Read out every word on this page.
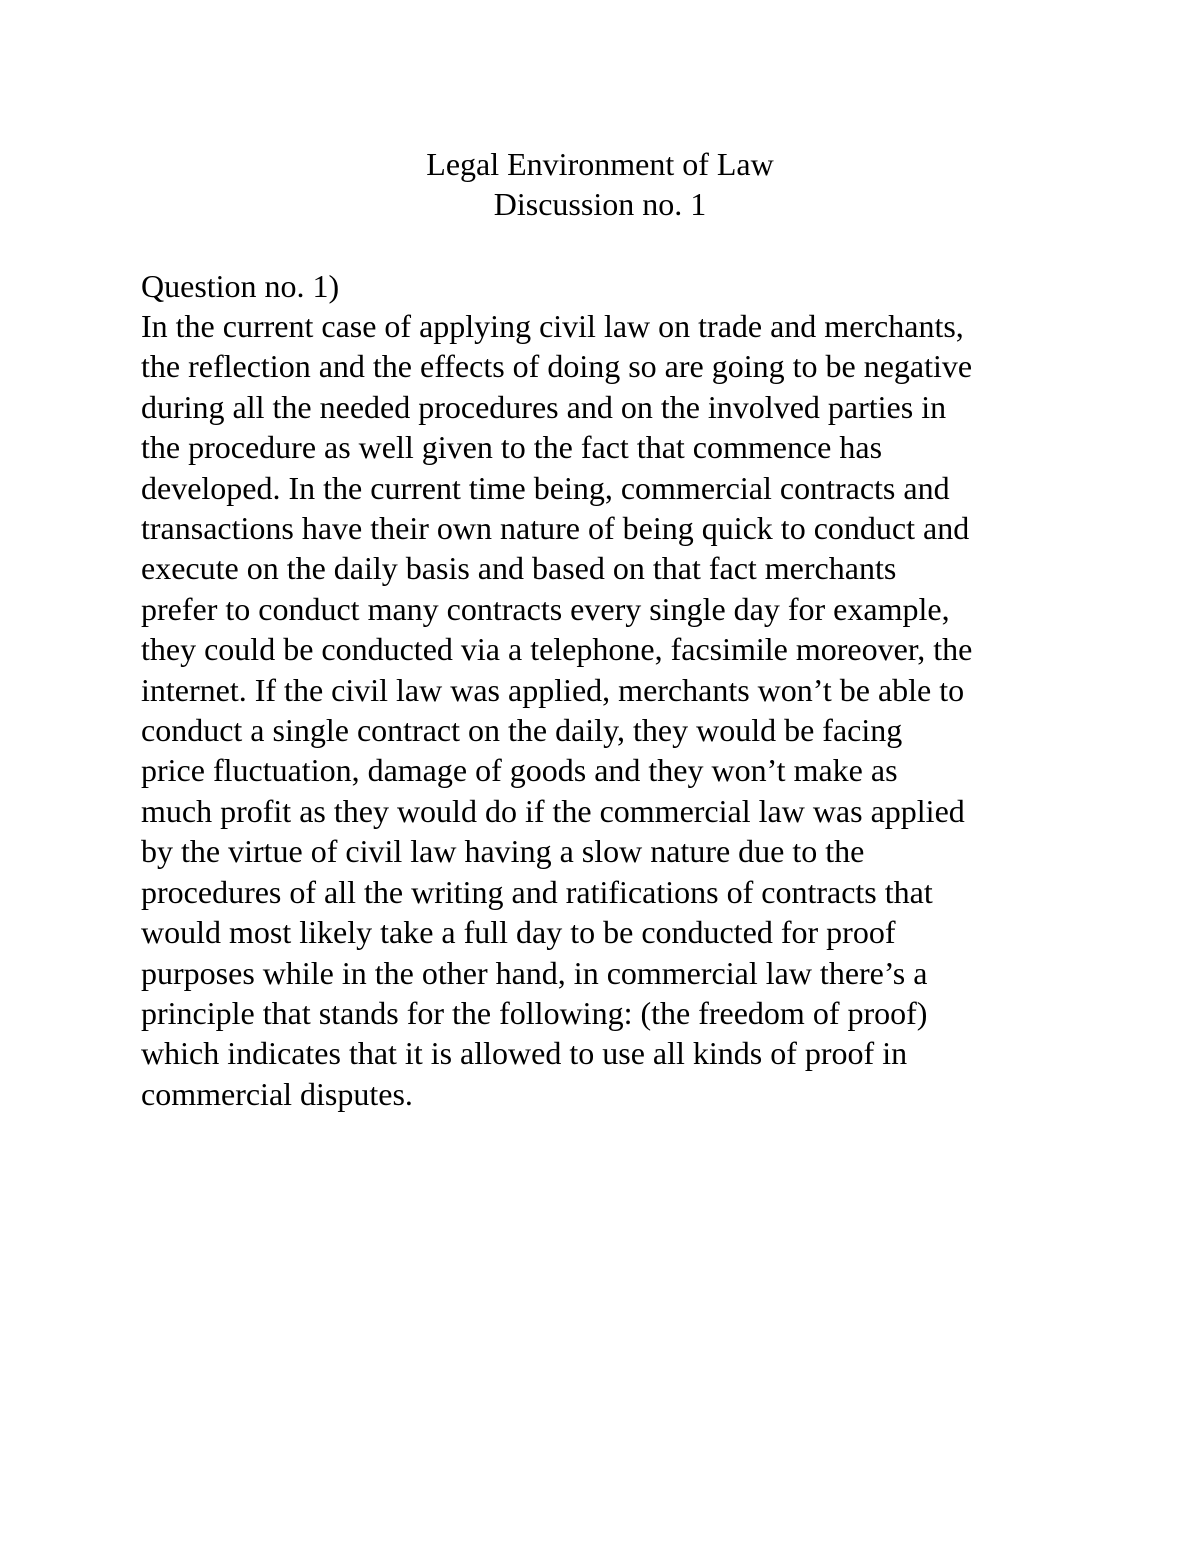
Legal Environment of Law
Discussion no. 1
Question no. 1)
In the current case of applying civil law on trade and merchants,
the reflection and the effects of doing so are going to be negative
during all the needed procedures and on the involved parties in
the procedure as well given to the fact that commence has
developed. In the current time being, commercial contracts and
transactions have their own nature of being quick to conduct and
execute on the daily basis and based on that fact merchants
prefer to conduct many contracts every single day for example,
they could be conducted via a telephone, facsimile moreover, the
internet. If the civil law was applied, merchants won’t be able to
conduct a single contract on the daily, they would be facing
price fluctuation, damage of goods and they won’t make as
much profit as they would do if the commercial law was applied
by the virtue of civil law having a slow nature due to the
procedures of all the writing and ratifications of contracts that
would most likely take a full day to be conducted for proof
purposes while in the other hand, in commercial law there’s a
principle that stands for the following: (the freedom of proof)
which indicates that it is allowed to use all kinds of proof in
commercial disputes.
